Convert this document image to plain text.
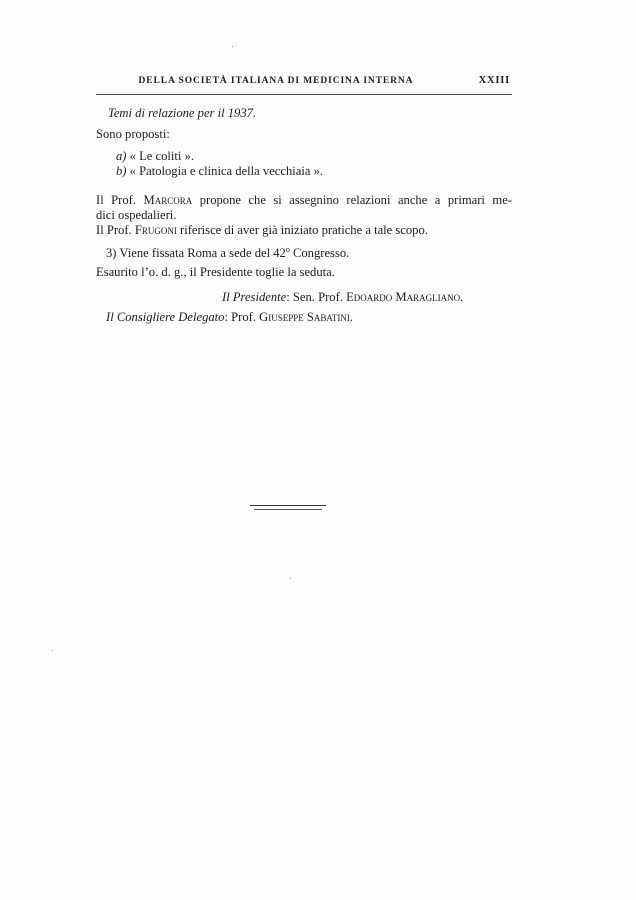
DELLA SOCIETÀ ITALIANA DI MEDICINA INTERNA	XXIII
Temi di relazione per il 1937.
Sono proposti:
a) « Le coliti ».
b) « Patologia e clinica della vecchiaia ».
Il Prof. Marcora propone che si assegnino relazioni anche a primari me-
dici ospedalieri.
Il Prof. Frugoni riferisce di aver già iniziato pratiche a tale scopo.
3) Viene fissata Roma a sede del 42$^o$ Congresso.
Esaurito l’o. d. g., il Presidente toglie la seduta.
Il Presidente: Sen. Prof. Edoardo Maragliano.
Il Consigliere Delegato: Prof. Giuseppe Sabatini.
